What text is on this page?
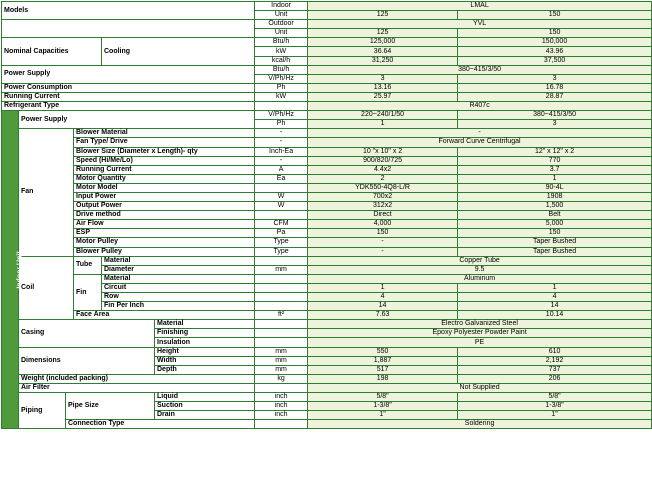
Models						Indoor	LMAL	
						Unit	125	150
						Outdoor	YVL	
						Unit	125	150
Nominal Capacities				Cooling		Btu/h	125,000	150,000
						kW	36.64	43.96
						kcal/h	31,250	37,500
Power Supply						Btu/h	380~415/3/50	
						V/Ph/Hz	3	3
Power Consumption						Ph	13.16	16.78
Running Current						kW	25.97	28.87
Refrigerant Type							R407c	
Indoor Unit	Power Supply					V/Ph/Hz	220~240/1/50	380~415/3/50
						Ph	1	3
	Fan		Blower Material			-	-	
			Fan Type/ Drive			-	Forward Curve Centrifugal	
			Blower Size (Diameter x Length)- qty			Inch-Ea	10 "x 10" x 2	12" x 12" x 2
			Speed (Hi/Me/Lo)			-	900/820/725	770
			Running Current			A	4.4x2	3.7
			Motor Quantity			Ea	2	1
			Motor Model				YDK550-4Q8-L/R	90-4L
			Input Power			W	700x2	1908
			Output Power			W	312x2	1,500
			Drive method				Direct	Belt
			Air Flow			CFM	4,000	5,000
			ESP			Pa	150	150
			Motor Pulley			Type	-	Taper Bushed
			Blower Pulley			Type	-	Taper Bushed
	Coil		Tube	Material			Copper Tube	
				Diameter		mm	9.5	
			Fin	Material			Aluminum	
				Circuit			1	1
				Row			4	4
				Fin Per Inch			14	14
			Face Area			ft²	7.63	10.14
	Casing				Material		Electro Galvanized Steel	
					Finishing		Epoxy Polyester Powder Paint	
					Insulation		PE	
	Dimensions				Height	mm	550	610
					Width	mm	1,887	2,192
					Depth	mm	517	737
	Weight (included packing)					kg	198	206
	Air Filter						Not Supplied	
	Piping	Pipe Size			Liquid	inch	5/8"	5/8"
					Suction	inch	1-3/8"	1-3/8"
					Drain	inch	1"	1"
		Connection Type					Soldering	
